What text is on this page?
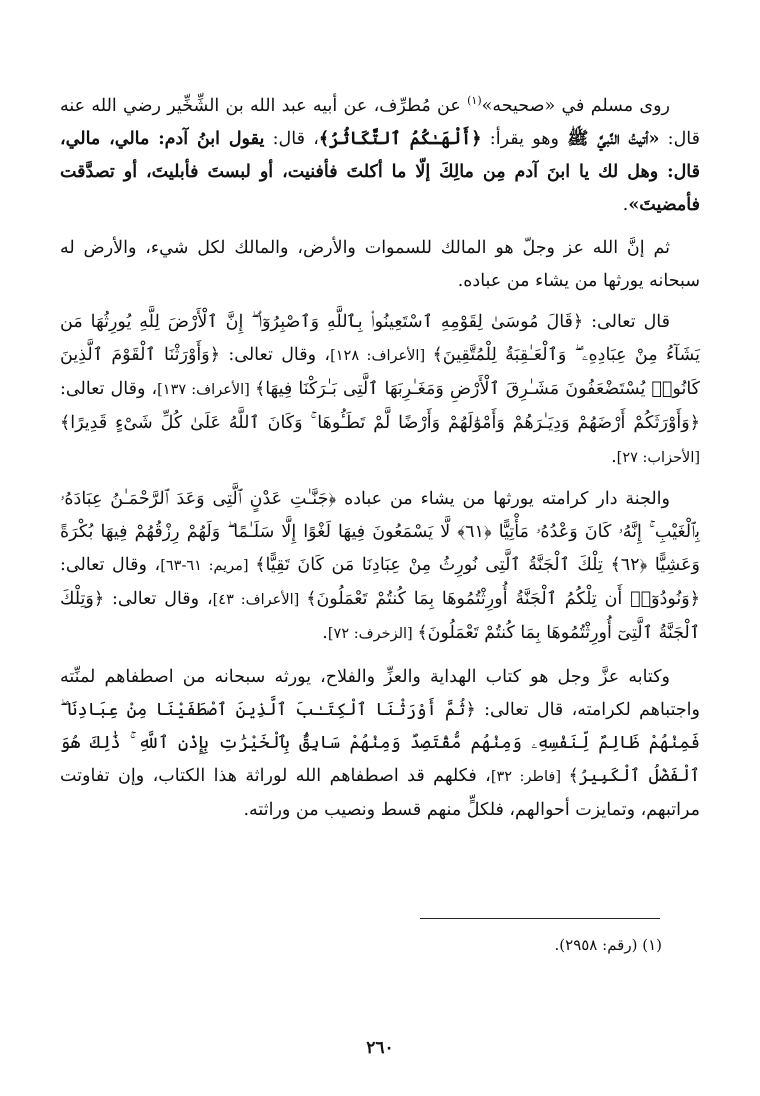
روى مسلم في «صحيحه»$^{(١)}$ عن مُطرِّف، عن أبيه عبد الله بن الشِّخِّير رضي الله عنه قال: «أتيتُ النَّبيَّ ﷺ وهو يقرأ: ﴿أَلْهَـٰكُمُ ٱلتَّكَاثُرُ﴾، قال: يقول ابنُ آدم: مالي، مالي، قال: وهل لك يا ابنَ آدم مِن مالِكَ إلّا ما أكلتَ فأفنيت، أو لبستَ فأبليتَ، أو تصدَّقت فأمضيتَ».

ثم إنَّ الله عز وجلّ هو المالك للسموات والأرض، والمالك لكل شيء، والأرض له سبحانه يورثها من يشاء من عباده.

قال تعالى: ﴿قَالَ مُوسَىٰ لِقَوْمِهِ ٱسْتَعِينُوا۟ بِٱللَّهِ وَٱصْبِرُوٓا۟ ۖ إِنَّ ٱلْأَرْضَ لِلَّهِ يُورِثُهَا مَن يَشَآءُ مِنْ عِبَادِهِۦ ۖ وَٱلْعَـٰقِبَةُ لِلْمُتَّقِينَ﴾ [الأعراف: ١٢٨]، وقال تعالى: ﴿وَأَوْرَثْنَا ٱلْقَوْمَ ٱلَّذِينَ كَانُوا۟ يُسْتَضْعَفُونَ مَشَـٰرِقَ ٱلْأَرْضِ وَمَغَـٰرِبَهَا ٱلَّتِى بَـٰرَكْنَا فِيهَا﴾ [الأعراف: ١٣٧]، وقال تعالى: ﴿وَأَوْرَثَكُمْ أَرْضَهُمْ وَدِيَـٰرَهُمْ وَأَمْوَٰلَهُمْ وَأَرْضًا لَّمْ تَطَـُٔوهَا ۚ وَكَانَ ٱللَّهُ عَلَىٰ كُلِّ شَىْءٍ قَدِيرًا﴾ [الأحزاب: ٢٧].

والجنة دار كرامته يورثها من يشاء من عباده ﴿جَنَّـٰتِ عَدْنٍ ٱلَّتِى وَعَدَ ٱلرَّحْمَـٰنُ عِبَادَهُۥ بِٱلْغَيْبِ ۚ إِنَّهُۥ كَانَ وَعْدُهُۥ مَأْتِيًّا ﴿٦١﴾ لَّا يَسْمَعُونَ فِيهَا لَغْوًا إِلَّا سَلَـٰمًا ۖ وَلَهُمْ رِزْقُهُمْ فِيهَا بُكْرَةً وَعَشِيًّا ﴿٦٢﴾ تِلْكَ ٱلْجَنَّةُ ٱلَّتِى نُورِثُ مِنْ عِبَادِنَا مَن كَانَ تَقِيًّا﴾ [مريم: ٦١-٦٣]، وقال تعالى: ﴿وَنُودُوٓا۟ أَن تِلْكُمُ ٱلْجَنَّةُ أُورِثْتُمُوهَا بِمَا كُنتُمْ تَعْمَلُونَ﴾ [الأعراف: ٤٣]، وقال تعالى: ﴿وَتِلْكَ ٱلْجَنَّةُ ٱلَّتِىٓ أُورِثْتُمُوهَا بِمَا كُنتُمْ تَعْمَلُونَ﴾ [الزخرف: ٧٢].

وكتابه عزَّ وجل هو كتاب الهداية والعزِّ والفلاح، يورثه سبحانه من اصطفاهم لمنِّته واجتباهم لكرامته، قال تعالى: ﴿ثُمَّ أَوْرَثْنَا ٱلْكِتَـٰبَ ٱلَّذِينَ ٱصْطَفَيْنَا مِنْ عِبَادِنَا ۖ فَمِنْهُمْ ظَالِمٌ لِّنَفْسِهِۦ وَمِنْهُم مُّقْتَصِدٌ وَمِنْهُمْ سَابِقٌۢ بِٱلْخَيْرَٰتِ بِإِذْنِ ٱللَّهِ ۚ ذَٰلِكَ هُوَ ٱلْفَضْلُ ٱلْكَبِيرُ﴾ [فاطر: ٣٢]، فكلهم قد اصطفاهم الله لوراثة هذا الكتاب، وإن تفاوتت مراتبهم، وتمايزت أحوالهم، فلكلٍّ منهم قسط ونصيب من وراثته.

(١) (رقم: ٢٩٥٨).
٢٦٠
